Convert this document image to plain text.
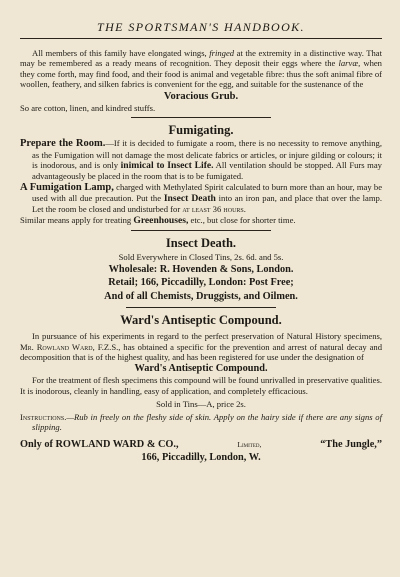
THE SPORTSMAN'S HANDBOOK.

All members of this family have elongated wings, fringed at the extremity in a distinctive way. That may be remembered as a ready means of recognition. They deposit their eggs where the larvæ, when they come forth, may find food, and their food is animal and vegetable fibre: thus the soft animal fibre of woollen, feathery, and silken fabrics is convenient for the egg, and suitable for the sustenance of the

Voracious Grub.

So are cotton, linen, and kindred stuffs.

Fumigating.

Prepare the Room.—If it is decided to fumigate a room, there is no necessity to remove anything, as the Fumigation will not damage the most delicate fabrics or articles, or injure gilding or colours; it is inodorous, and is only inimical to Insect Life. All ventilation should be stopped. All Furs may advantageously be placed in the room that is to be fumigated.

A Fumigation Lamp, charged with Methylated Spirit calculated to burn more than an hour, may be used with all due precaution. Put the Insect Death into an iron pan, and place that over the lamp. Let the room be closed and undisturbed for at least 36 hours.

Similar means apply for treating Greenhouses, etc., but close for shorter time.

Insect Death.

Sold Everywhere in Closed Tins, 2s. 6d. and 5s.

Wholesale: R. Hovenden & Sons, London.
Retail; 166, Piccadilly, London: Post Free;
And of all Chemists, Druggists, and Oilmen.
Ward's Antiseptic Compound.

In pursuance of his experiments in regard to the perfect preservation of Natural History specimens, Mr. Rowland Ward, F.Z.S., has obtained a specific for the prevention and arrest of natural decay and decomposition that is of the highest quality, and has been registered for use under the designation of

Ward's Antiseptic Compound.

For the treatment of flesh specimens this compound will be found unrivalled in preservative qualities. It is inodorous, cleanly in handling, easy of application, and completely efficacious.

Sold in Tins—A, price 2s.

Instructions.—Rub in freely on the fleshy side of skin. Apply on the hairy side if there are any signs of slipping.

Only of ROWLAND WARD & CO.,	Limited,	“The Jungle,”
166, Piccadilly, London, W.
